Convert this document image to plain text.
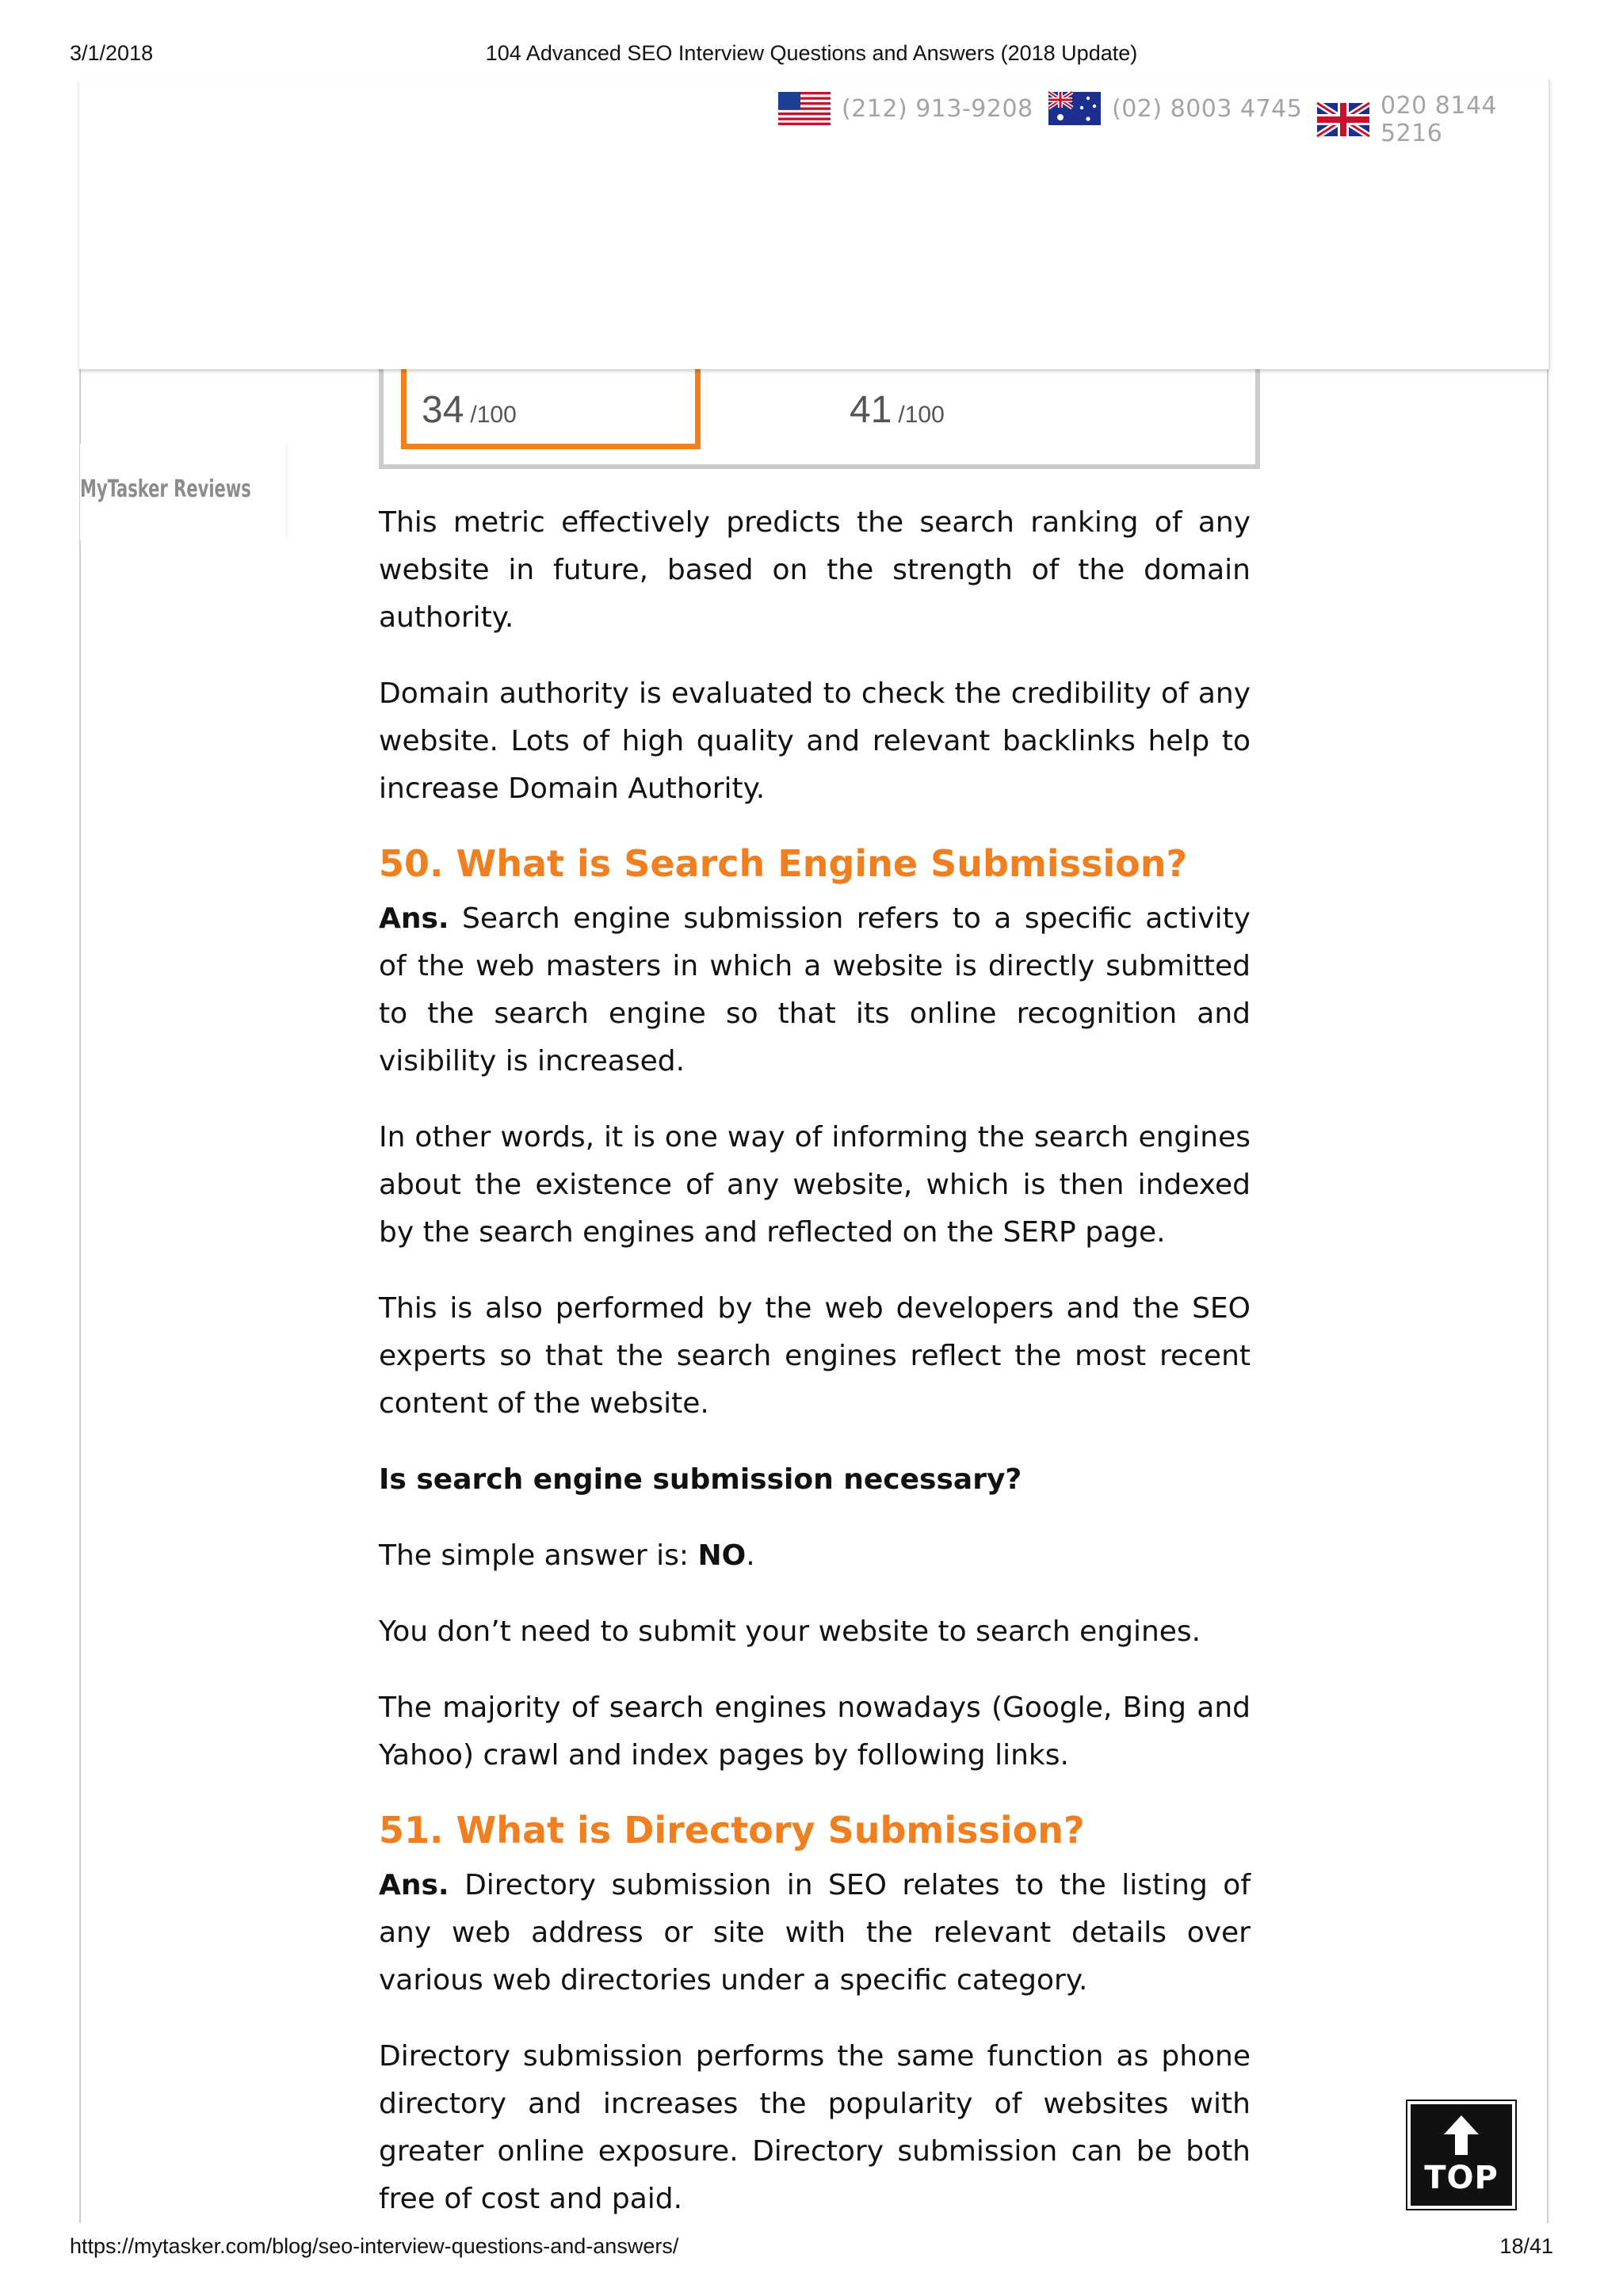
3/1/2018	104 Advanced SEO Interview Questions and Answers (2018 Update)
(212) 913-9208	(02) 8003 4745	020 8144 5216
MyTasker Reviews
34 /100	41 /100

This metric effectively predicts the search ranking of any website in future, based on the strength of the domain authority.

Domain authority is evaluated to check the credibility of any website. Lots of high quality and relevant backlinks help to increase Domain Authority.

50. What is Search Engine Submission?

Ans. Search engine submission refers to a specific activity of the web masters in which a website is directly submitted to the search engine so that its online recognition and visibility is increased.

In other words, it is one way of informing the search engines about the existence of any website, which is then indexed by the search engines and reflected on the SERP page.

This is also performed by the web developers and the SEO experts so that the search engines reflect the most recent content of the website.

Is search engine submission necessary?

The simple answer is: NO.

You don’t need to submit your website to search engines.

The majority of search engines nowadays (Google, Bing and Yahoo) crawl and index pages by following links.

51. What is Directory Submission?

Ans. Directory submission in SEO relates to the listing of any web address or site with the relevant details over various web directories under a specific category.

Directory submission performs the same function as phone directory and increases the popularity of websites with greater online exposure. Directory submission can be both free of cost and paid.

TOP
https://mytasker.com/blog/seo-interview-questions-and-answers/	18/41
